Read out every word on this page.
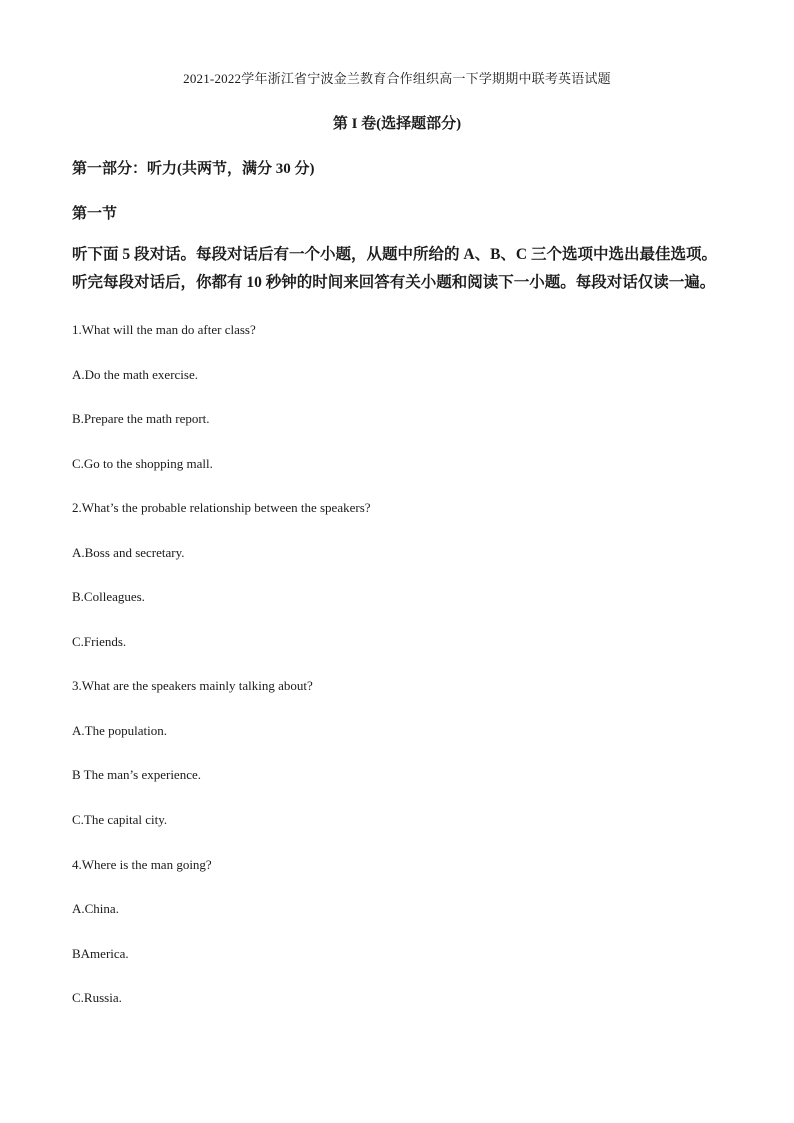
2021-2022学年浙江省宁波金兰教育合作组织高一下学期期中联考英语试题
第 I 卷(选择题部分)
第一部分：听力(共两节，满分 30 分)
第一节
听下面 5 段对话。每段对话后有一个小题，从题中所给的 A、B、C 三个选项中选出最佳选项。
听完每段对话后，你都有 10 秒钟的时间来回答有关小题和阅读下一小题。每段对话仅读一遍。
1.What will the man do after class?
A.Do the math exercise.
B.Prepare the math report.
C.Go to the shopping mall.
2.What’s the probable relationship between the speakers?
A.Boss and secretary.
B.Colleagues.
C.Friends.
3.What are the speakers mainly talking about?
A.The population.
B The man’s experience.
C.The capital city.
4.Where is the man going?
A.China.
BAmerica.
C.Russia.
